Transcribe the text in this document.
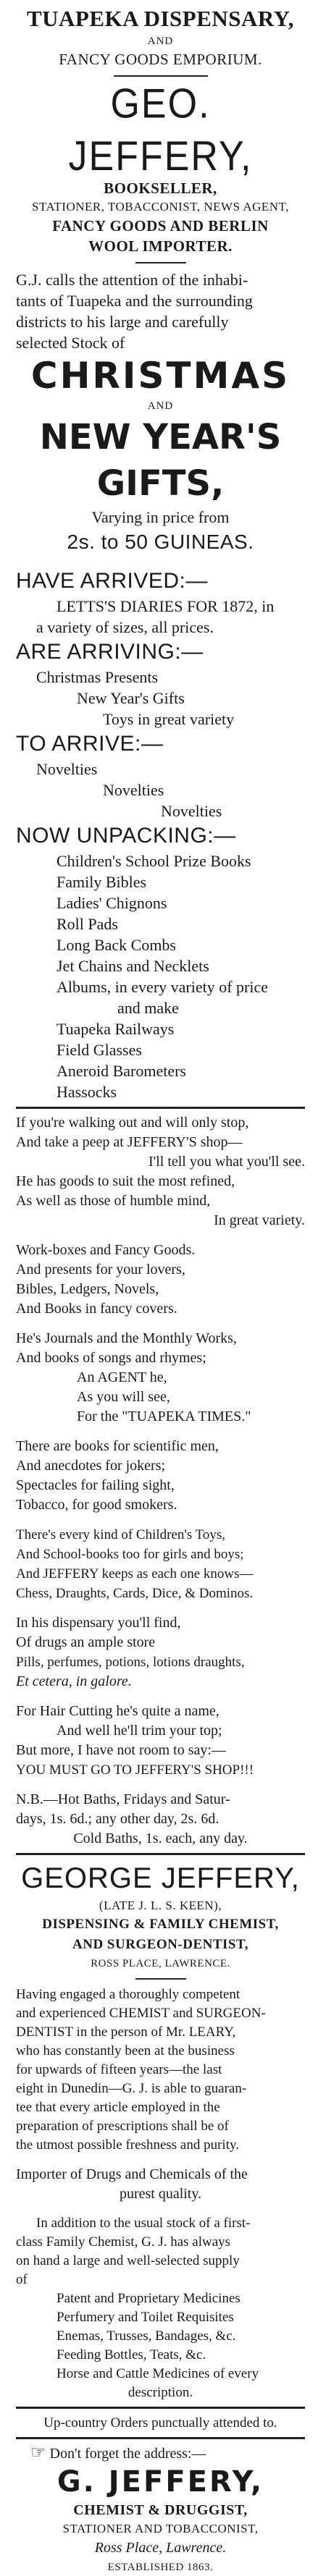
TUAPEKA DISPENSARY,
AND
FANCY GOODS EMPORIUM.
GEO. JEFFERY,
BOOKSELLER,
STATIONER, TOBACCONIST, NEWS AGENT,
FANCY GOODS AND BERLIN
WOOL IMPORTER.
G.J. calls the attention of the inhabi-
tants of Tuapeka and the surrounding
districts to his large and carefully
selected Stock of
CHRISTMAS
AND
NEW YEAR'S GIFTS,
Varying in price from
2s. to 50 GUINEAS.
HAVE ARRIVED:—
LETTS'S DIARIES FOR 1872, in
a variety of sizes, all prices.
ARE ARRIVING:—
Christmas Presents
New Year's Gifts
Toys in great variety
TO ARRIVE:—
Novelties
Novelties
Novelties
NOW UNPACKING:—
Children's School Prize Books
Family Bibles
Ladies' Chignons
Roll Pads
Long Back Combs
Jet Chains and Necklets
Albums, in every variety of price
and make
Tuapeka Railways
Field Glasses
Aneroid Barometers
Hassocks
If you're walking out and will only stop,
And take a peep at JEFFERY'S shop—
I'll tell you what you'll see.
He has goods to suit the most refined,
As well as those of humble mind,
In great variety.
Work-boxes and Fancy Goods.
And presents for your lovers,
Bibles, Ledgers, Novels,
And Books in fancy covers.
He's Journals and the Monthly Works,
And books of songs and rhymes;
An AGENT he,
As you will see,
For the "TUAPEKA TIMES."
There are books for scientific men,
And anecdotes for jokers;
Spectacles for failing sight,
Tobacco, for good smokers.
There's every kind of Children's Toys,
And School-books too for girls and boys;
And JEFFERY keeps as each one knows—
Chess, Draughts, Cards, Dice, & Dominos.
In his dispensary you'll find,
Of drugs an ample store
Pills, perfumes, potions, lotions draughts,
Et cetera, in galore.
For Hair Cutting he's quite a name,
And well he'll trim your top;
But more, I have not room to say:—
YOU MUST GO TO JEFFERY'S SHOP!!!
N.B.—Hot Baths, Fridays and Satur-
days, 1s. 6d.; any other day, 2s. 6d.
Cold Baths, 1s. each, any day.
GEORGE JEFFERY,
(LATE J. L. S. KEEN),
DISPENSING & FAMILY CHEMIST,
AND SURGEON-DENTIST,
ROSS PLACE, LAWRENCE.
Having engaged a thoroughly competent
and experienced CHEMIST and SURGEON-
DENTIST in the person of Mr. LEARY,
who has constantly been at the business
for upwards of fifteen years—the last
eight in Dunedin—G. J. is able to guaran-
tee that every article employed in the
preparation of prescriptions shall be of
the utmost possible freshness and purity.
Importer of Drugs and Chemicals of the
purest quality.
In addition to the usual stock of a first-
class Family Chemist, G. J. has always
on hand a large and well-selected supply
of
Patent and Proprietary Medicines
Perfumery and Toilet Requisites
Enemas, Trusses, Bandages, &c.
Feeding Bottles, Teats, &c.
Horse and Cattle Medicines of every
description.
Up-country Orders punctually attended to.
☞ Don't forget the address:—
G. JEFFERY,
CHEMIST & DRUGGIST,
STATIONER AND TOBACCONIST,
Ross Place, Lawrence.
ESTABLISHED 1863.
